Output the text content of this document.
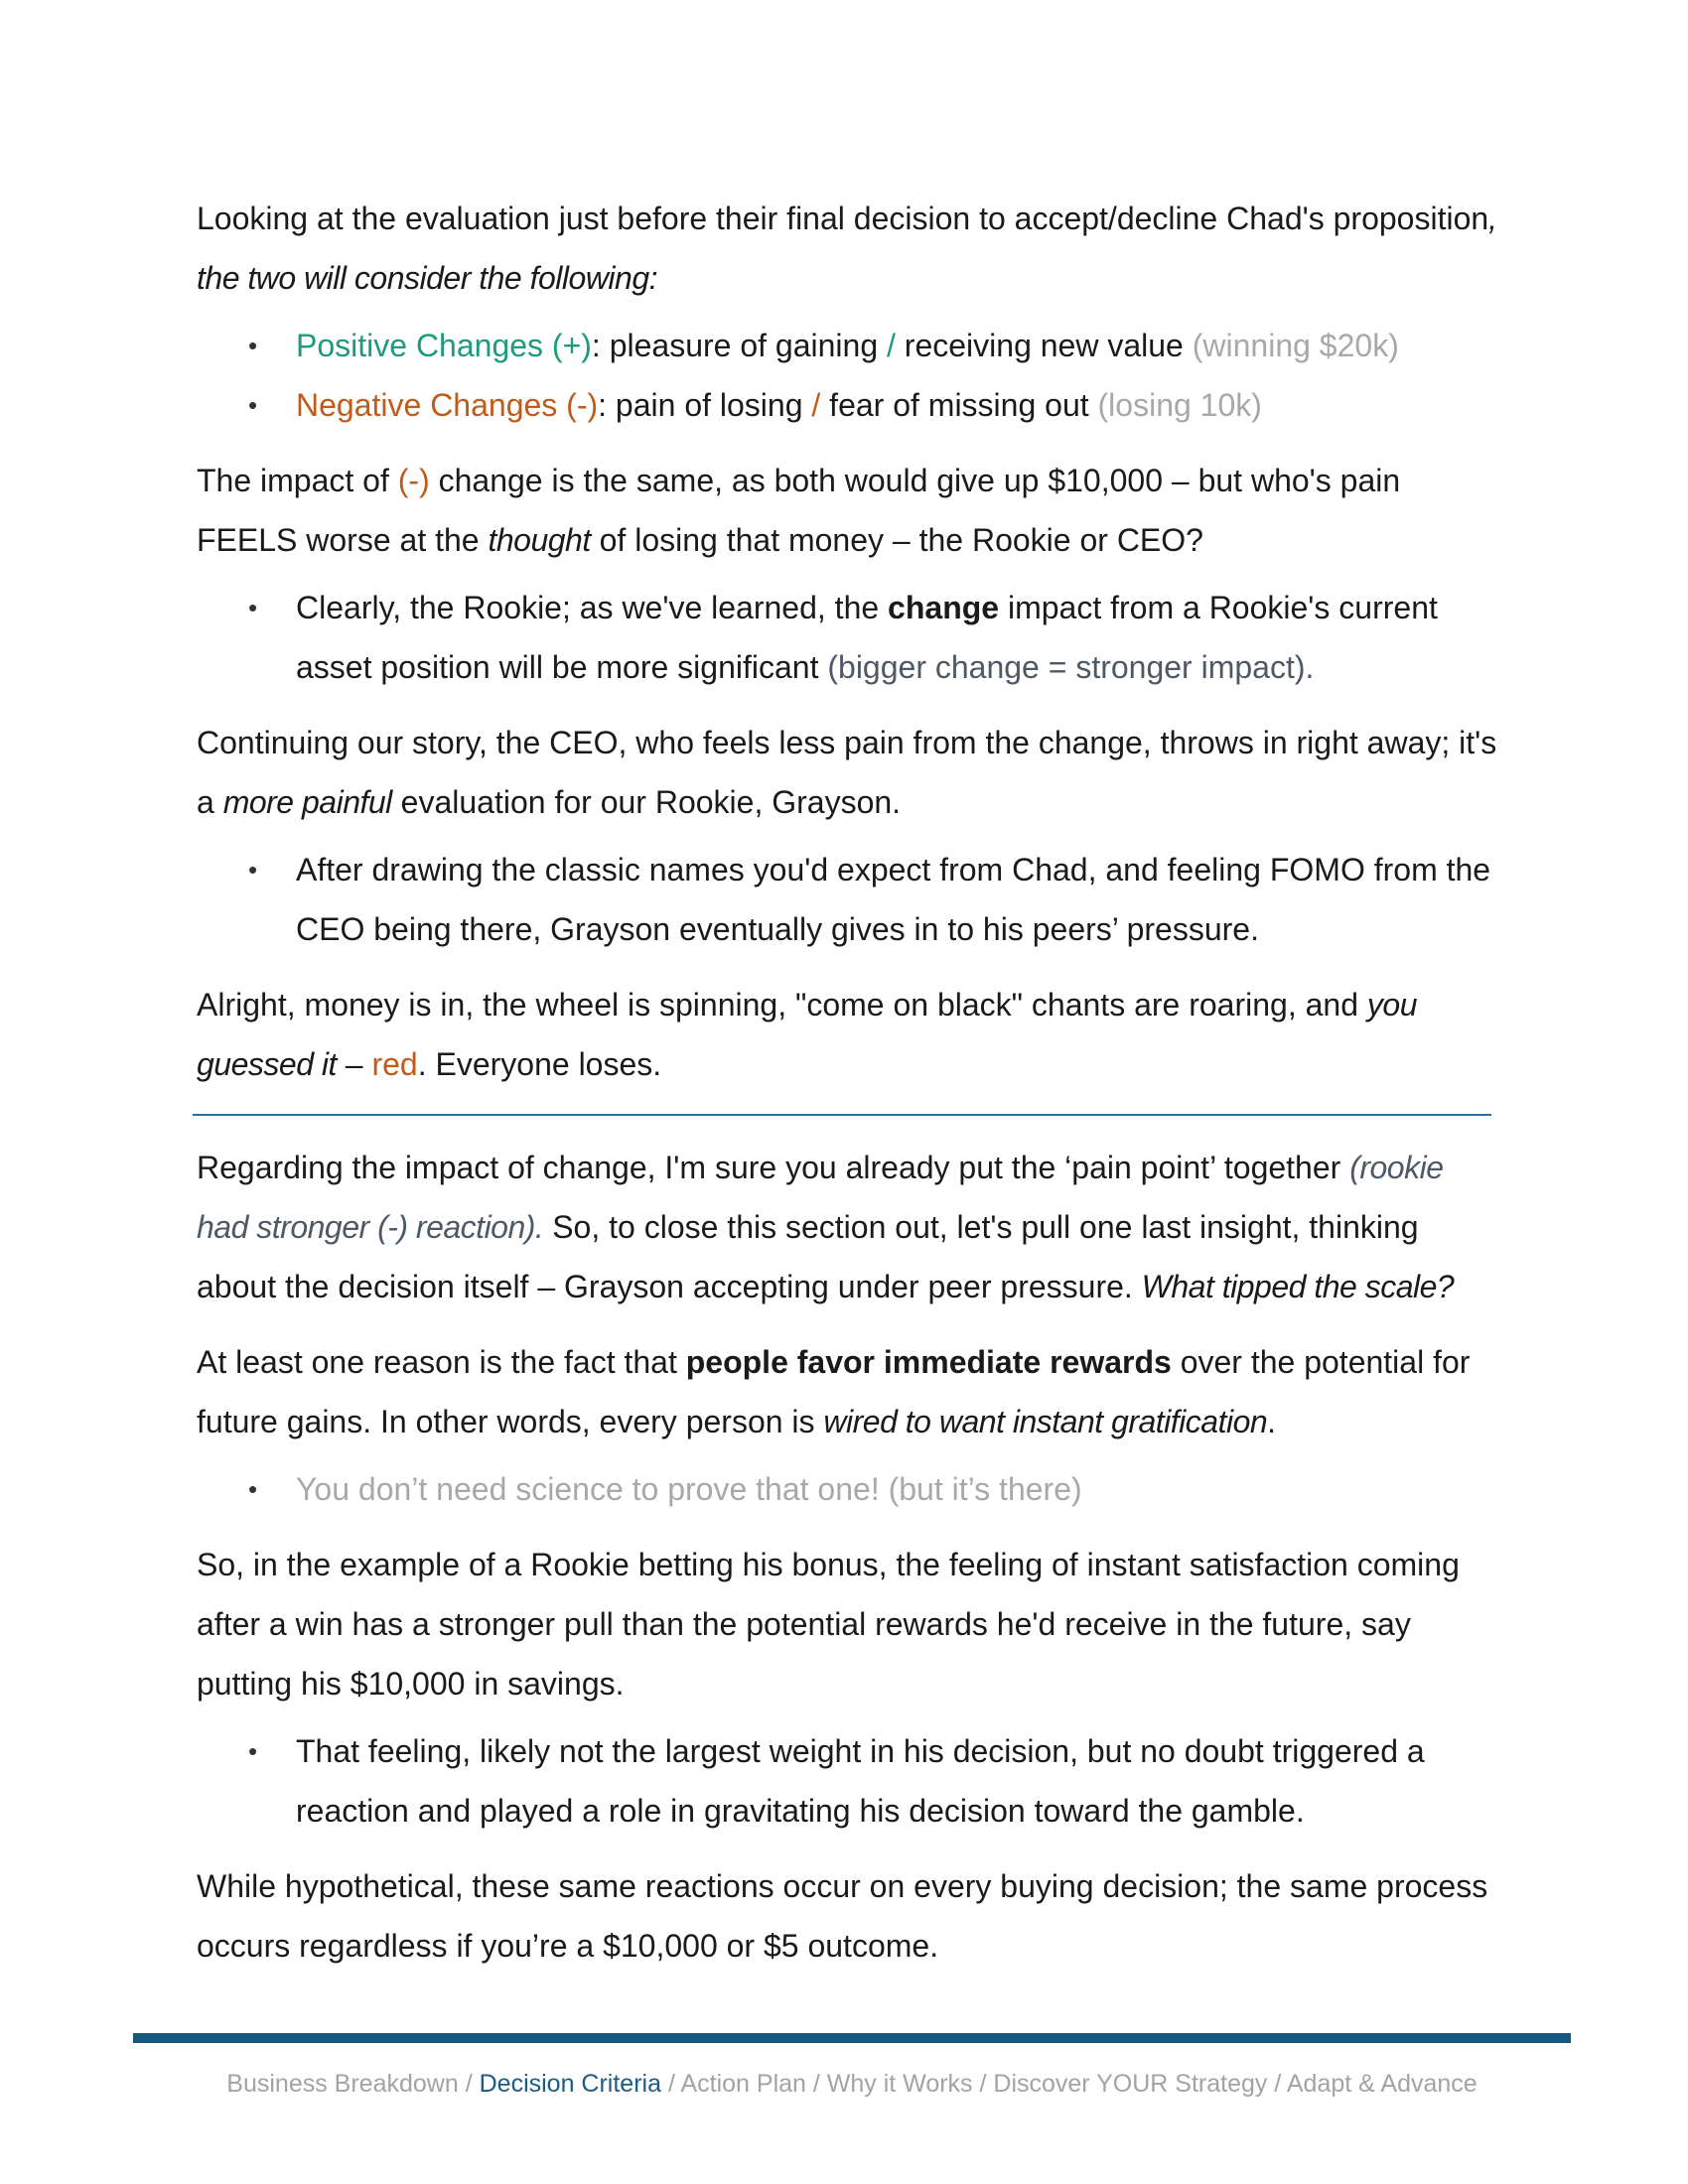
Looking at the evaluation just before their final decision to accept/decline Chad's proposition, the two will consider the following:

• Positive Changes (+): pleasure of gaining / receiving new value (winning $20k)
• Negative Changes (-): pain of losing / fear of missing out (losing 10k)

The impact of (-) change is the same, as both would give up $10,000 – but who's pain FEELS worse at the thought of losing that money – the Rookie or CEO?

• Clearly, the Rookie; as we've learned, the change impact from a Rookie's current asset position will be more significant (bigger change = stronger impact).

Continuing our story, the CEO, who feels less pain from the change, throws in right away; it's a more painful evaluation for our Rookie, Grayson.

• After drawing the classic names you'd expect from Chad, and feeling FOMO from the CEO being there, Grayson eventually gives in to his peers’ pressure.

Alright, money is in, the wheel is spinning, "come on black" chants are roaring, and you guessed it – red. Everyone loses.

Regarding the impact of change, I'm sure you already put the ‘pain point’ together (rookie had stronger (-) reaction). So, to close this section out, let's pull one last insight, thinking about the decision itself – Grayson accepting under peer pressure. What tipped the scale?

At least one reason is the fact that people favor immediate rewards over the potential for future gains. In other words, every person is wired to want instant gratification.

• You don’t need science to prove that one! (but it’s there)

So, in the example of a Rookie betting his bonus, the feeling of instant satisfaction coming after a win has a stronger pull than the potential rewards he'd receive in the future, say putting his $10,000 in savings.

• That feeling, likely not the largest weight in his decision, but no doubt triggered a reaction and played a role in gravitating his decision toward the gamble.

While hypothetical, these same reactions occur on every buying decision; the same process occurs regardless if you’re a $10,000 or $5 outcome.

Business Breakdown / Decision Criteria / Action Plan / Why it Works / Discover YOUR Strategy / Adapt & Advance
